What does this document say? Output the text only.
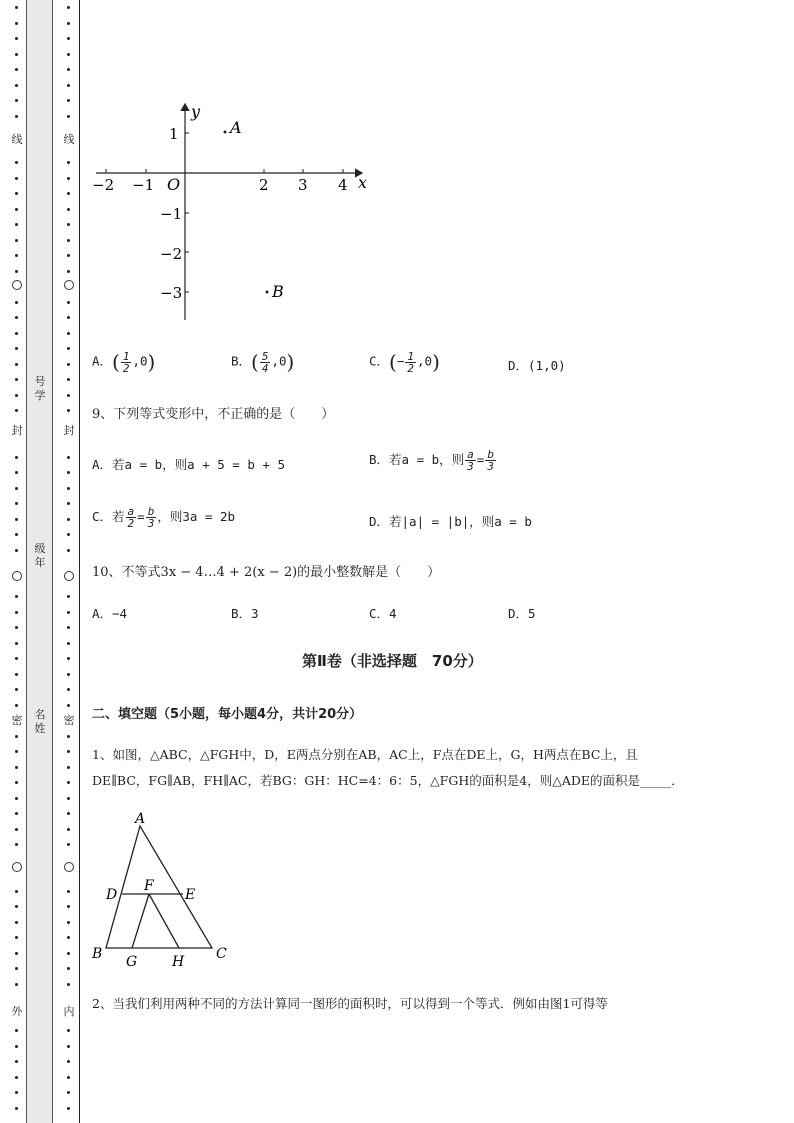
线
封
密
外
线
封
密
内
号学
级年
名姓
x
y
O
−2 −1	2 3 4
1
−1
−2
−3
A
B
A．( $\frac{1}{2} ,0$)	B．( $\frac{5}{4} ,0$)	C．(− $\frac{1}{2} ,0$)	D．(1,0)
9、下列等式变形中，不正确的是（　　）
A．若a = b，则a + 5 = b + 5	B．若a = b，则 $\frac{a}{3} = \frac{b}{3}$
C．若 $\frac{a}{2} = \frac{b}{3}$ ，则3a = 2b	D．若|a| = |b|，则a = b
10、不等式3x − 4…4 + 2(x − 2)的最小整数解是（　　）
A．−4	B．3	C．4	D．5
第Ⅱ卷（非选择题　70分）
二、填空题（5小题，每小题4分，共计20分）
1、如图，△ABC，△FGH中，D，E两点分别在AB，AC上，F点在DE上，G，H两点在BC上，且
DE∥BC，FG∥AB，FH∥AC，若BG：GH：HC=4：6：5，△FGH的面积是4，则△ADE的面积是_____．
A
B	C
D	E
F
G H
2、当我们利用两种不同的方法计算同一图形的面积时，可以得到一个等式．例如由图1可得等
